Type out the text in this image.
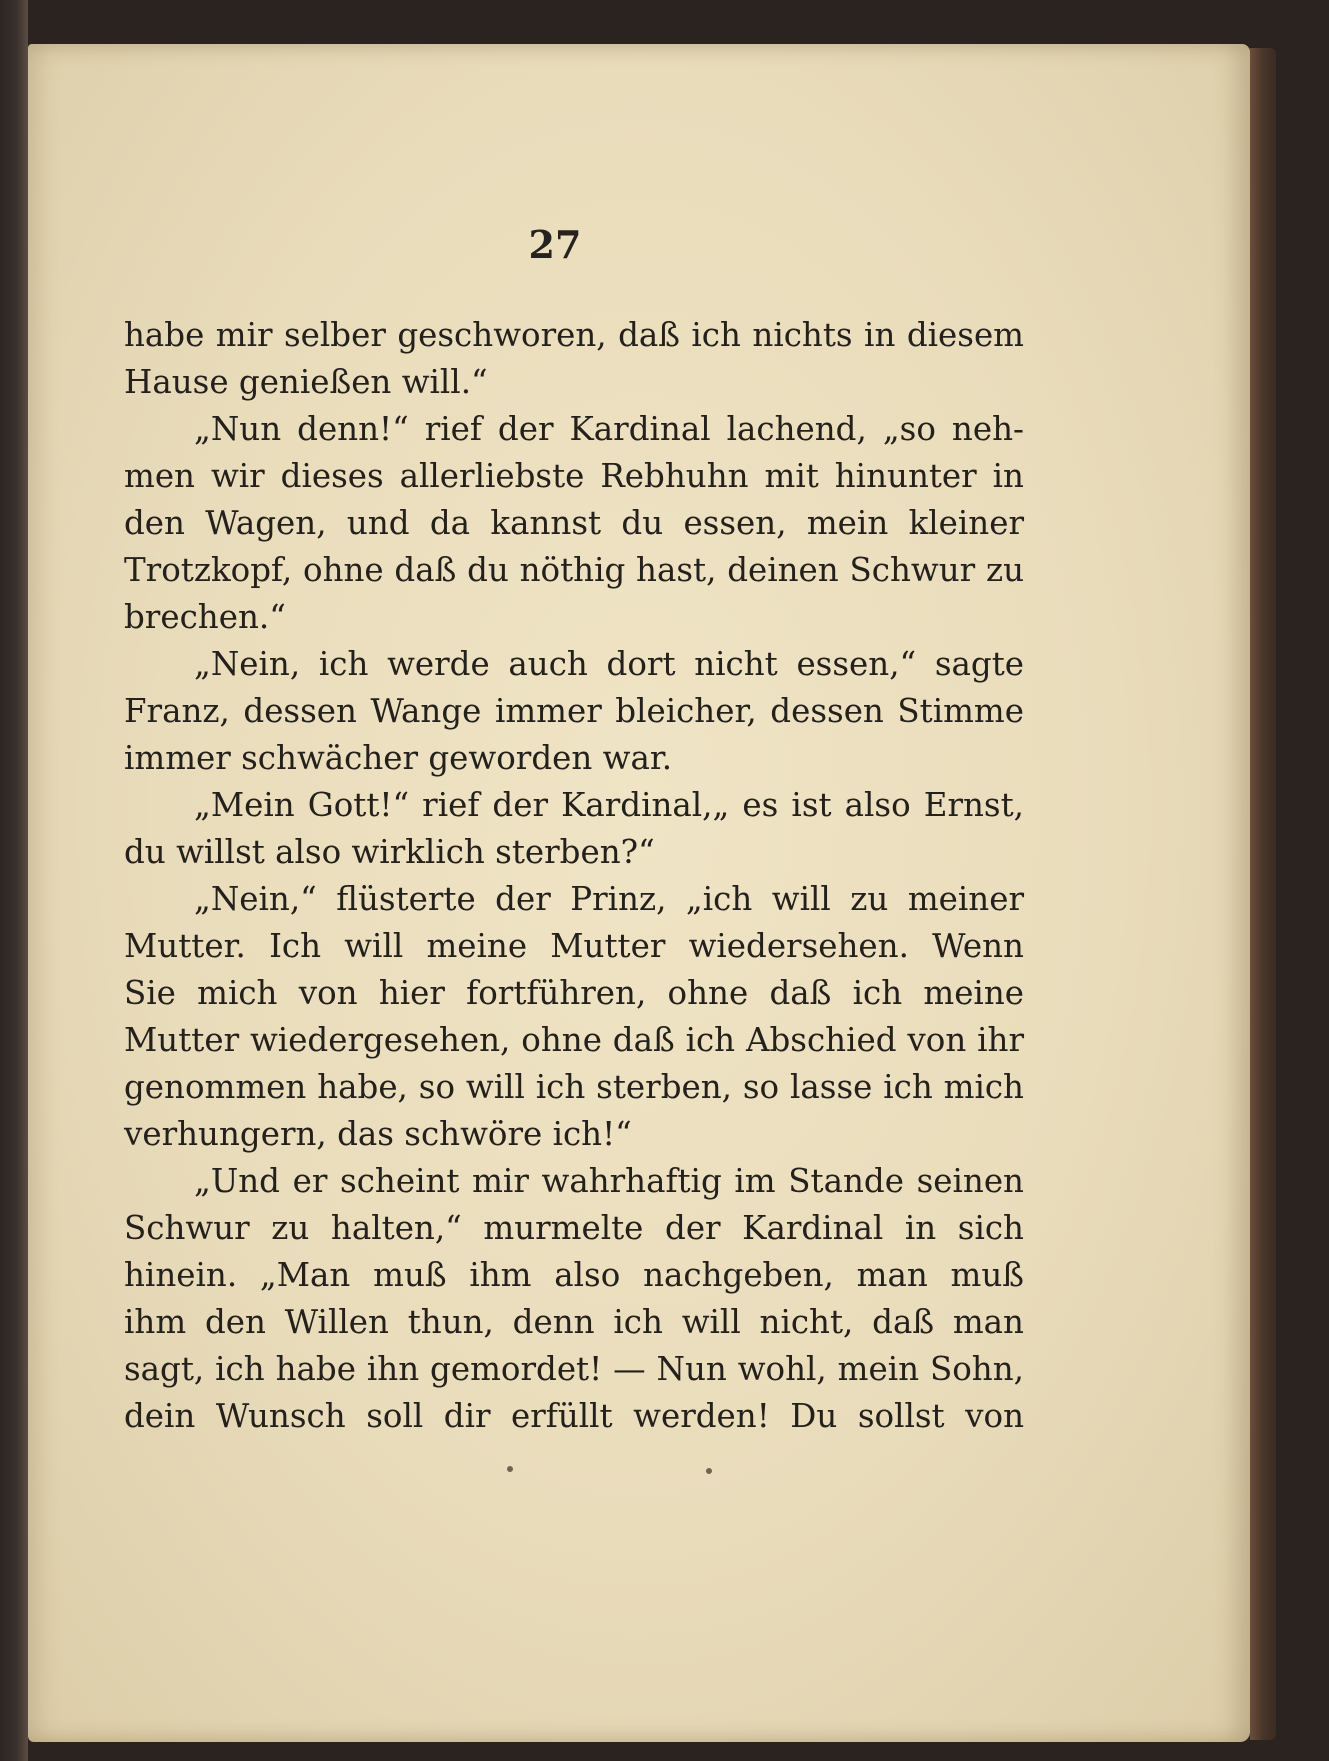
27
habe mir selber geschworen, daß ich nichts in diesem
Hause genießen will.“
„Nun denn!“ rief der Kardinal lachend, „so neh-
men wir dieses allerliebste Rebhuhn mit hinunter in
den Wagen, und da kannst du essen, mein kleiner
Trotzkopf, ohne daß du nöthig hast, deinen Schwur zu
brechen.“
„Nein, ich werde auch dort nicht essen,“ sagte
Franz, dessen Wange immer bleicher, dessen Stimme
immer schwächer geworden war.
„Mein Gott!“ rief der Kardinal,„ es ist also Ernst,
du willst also wirklich sterben?“
„Nein,“ flüsterte der Prinz, „ich will zu meiner
Mutter. Ich will meine Mutter wiedersehen. Wenn
Sie mich von hier fortführen, ohne daß ich meine
Mutter wiedergesehen, ohne daß ich Abschied von ihr
genommen habe, so will ich sterben, so lasse ich mich
verhungern, das schwöre ich!“
„Und er scheint mir wahrhaftig im Stande seinen
Schwur zu halten,“ murmelte der Kardinal in sich
hinein. „Man muß ihm also nachgeben, man muß
ihm den Willen thun, denn ich will nicht, daß man
sagt, ich habe ihn gemordet! — Nun wohl, mein Sohn,
dein Wunsch soll dir erfüllt werden! Du sollst von
